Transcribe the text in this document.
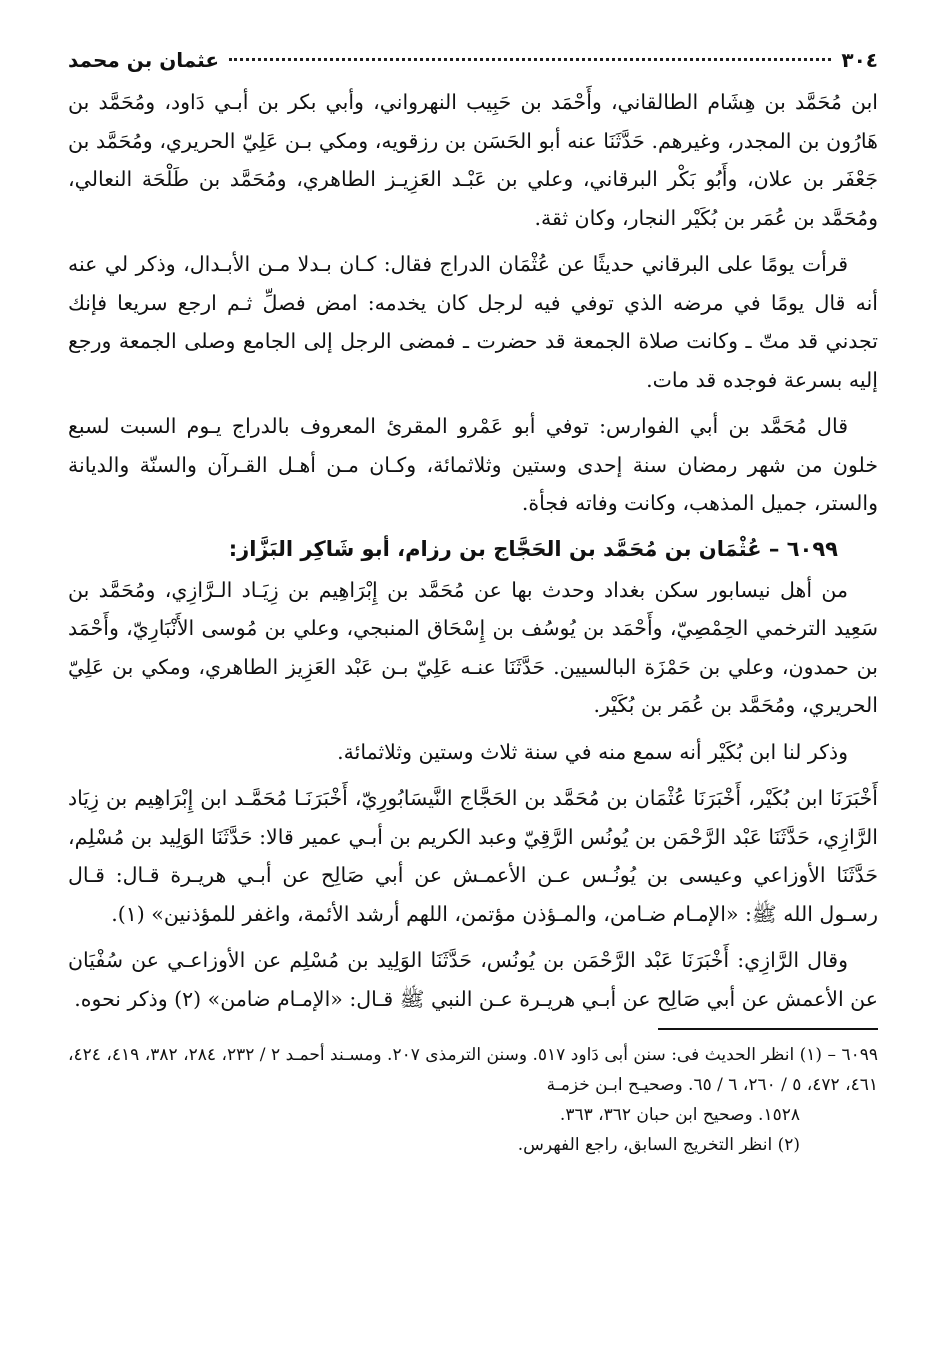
٣٠٤
عثمان بن محمد

ابن مُحَمَّد بن هِشَام الطالقاني، وأَحْمَد بن حَبِيب النهرواني، وأبي بكر بن أبـي دَاود، ومُحَمَّد بن هَارُون بن المجدر، وغيرهم. حَدَّثَنَا عنه أبو الحَسَن بن رزقويه، ومكي بـن عَلِيّ الحريري، ومُحَمَّد بن جَعْفَر بن علان، وأَبُو بَكْر البرقاني، وعلي بن عَبْـد العَزِيـز الطاهري، ومُحَمَّد بن طَلْحَة النعالي، ومُحَمَّد بن عُمَر بن بُكَيْر النجار، وكان ثقة.

قرأت يومًا على البرقاني حديثًا عن عُثْمَان الدراج فقال: كـان بـدلا مـن الأبـدال، وذكر لي عنه أنه قال يومًا في مرضه الذي توفي فيه لرجل كان يخدمه: امض فصلِّ ثـم ارجع سريعا فإنك تجدني قد متّ ـ وكانت صلاة الجمعة قد حضرت ـ فمضى الرجل إلى الجامع وصلى الجمعة ورجع إليه بسرعة فوجده قد مات.

قال مُحَمَّد بن أبي الفوارس: توفي أبو عَمْرو المقرئ المعروف بالدراج يـوم السبت لسبع خلون من شهر رمضان سنة إحدى وستين وثلاثمائة، وكـان مـن أهـل القـرآن والسنّة والديانة والستر، جميل المذهب، وكانت وفاته فجأة.

٦٠٩٩ – عُثْمَان بن مُحَمَّد بن الحَجَّاج بن رزام، أبو شَاكِر البَزَّاز:

من أهل نيسابور سكن بغداد وحدث بها عن مُحَمَّد بن إِبْرَاهِيم بن زِيَـاد الـرَّازِي، ومُحَمَّد بن سَعِيد الترخمي الحِمْصِيّ، وأَحْمَد بن يُوسُف بن إِسْحَاق المنبجي، وعلي بن مُوسى الأَنْبَارِيّ، وأَحْمَد بن حمدون، وعلي بن حَمْزَة البالسيين. حَدَّثَنَا عنـه عَلِيّ بـن عَبْد العَزِيز الطاهري، ومكي بن عَلِيّ الحريري، ومُحَمَّد بن عُمَر بن بُكَيْر.

وذكر لنا ابن بُكَيْر أنه سمع منه في سنة ثلاث وستين وثلاثمائة.

أَخْبَرَنَا ابن بُكَيْر، أَخْبَرَنَا عُثْمَان بن مُحَمَّد بن الحَجَّاج النَّيسَابُورِيّ، أَخْبَرَنَـا مُحَمَّـد ابن إِبْرَاهِيم بن زِيَاد الرَّازِي، حَدَّثَنَا عَبْد الرَّحْمَن بن يُونُس الرَّقِيّ وعبد الكريم بن أبـي عمير قالا: حَدَّثَنَا الوَلِيد بن مُسْلِم، حَدَّثَنَا الأوزاعي وعيسى بن يُونُـس عـن الأعمـش عن أبي صَالِح عن أبـي هريـرة قـال: قـال رسـول الله ﷺ: «الإمـام ضـامن، والمـؤذن مؤتمن، اللهم أرشد الأئمة، واغفر للمؤذنين» (١).

وقال الرَّازِي: أَخْبَرَنَا عَبْد الرَّحْمَن بن يُونُس، حَدَّثَنَا الوَلِيد بن مُسْلِم عن الأوزاعـي عن سُفْيَان عن الأعمش عن أبي صَالِح عن أبـي هريـرة عـن النبي ﷺ قـال: «الإمـام ضامن» (٢) وذكر نحوه.

٦٠٩٩ – (١) انظر الحديث فى: سنن أبى دَاود ٥١٧. وسنن الترمذى ٢٠٧. ومسـند أحمـد ٢ / ٢٣٢، ٢٨٤، ٣٨٢، ٤١٩، ٤٢٤، ٤٦١، ٤٧٢، ٥ / ٢٦٠، ٦ / ٦٥. وصحيـح ابـن خزمـة

١٥٢٨. وصحيح ابن حبان ٣٦٢، ٣٦٣.

(٢) انظر التخريج السابق، راجع الفهرس.
